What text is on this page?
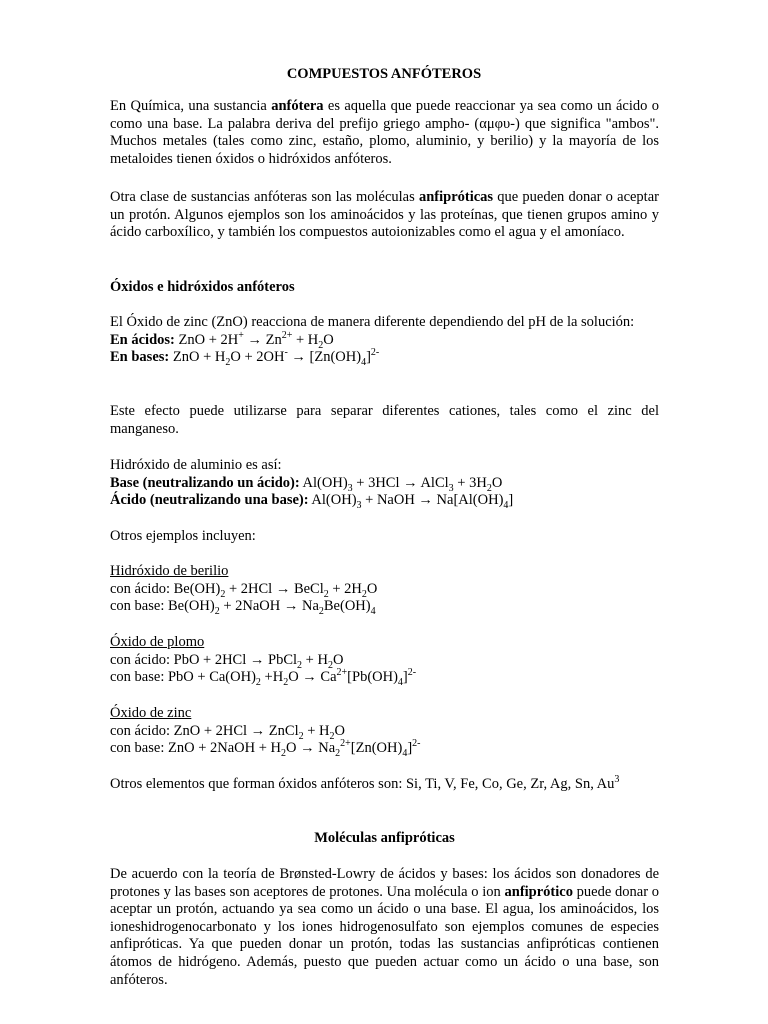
COMPUESTOS ANFÓTEROS

En Química, una sustancia anfótera es aquella que puede reaccionar ya sea como un ácido o como una base. La palabra deriva del prefijo griego ampho- (αμφυ-) que significa "ambos". Muchos metales (tales como zinc, estaño, plomo, aluminio, y berilio) y la mayoría de los metaloides tienen óxidos o hidróxidos anfóteros.

Otra clase de sustancias anfóteras son las moléculas anfipróticas que pueden donar o aceptar un protón. Algunos ejemplos son los aminoácidos y las proteínas, que tienen grupos amino y ácido carboxílico, y también los compuestos autoionizables como el agua y el amoníaco.

Óxidos e hidróxidos anfóteros

El Óxido de zinc (ZnO) reacciona de manera diferente dependiendo del pH de la solución:

En ácidos: ZnO + $2H^+ \to Zn^{2+} + H_2O$

En bases: ZnO + $H_2O + 2OH^- \to [Zn(OH)_4]^{2-}$

Este efecto puede utilizarse para separar diferentes cationes, tales como el zinc del manganeso.

Hidróxido de aluminio es así:

Base (neutralizando un ácido): $Al(OH)_3 + 3HCl$ → AlCl$_3$ + $3H_2O$

Ácido (neutralizando una base): $Al(OH)_3$ + NaOH → $Na[Al(OH)_4]$

Otros ejemplos incluyen:

Hidróxido de berilio

con ácido: $Be(OH)_2 + 2HCl$ → BeCl$_2$ + $2H_2O$

con base: $Be(OH)_2$ + 2NaOH → $Na_2Be(OH)_4$

Óxido de plomo

con ácido: PbO + 2HCl → PbCl$_2$ + $H_2O$

con base: PbO + $Ca(OH)_2 +H_2O \to Ca^{2+}[Pb(OH)_4]^{2-}$

Óxido de zinc

con ácido: ZnO + 2HCl → ZnCl$_2$ + $H_2O$

con base: ZnO + 2NaOH + $H_2O \to Na_2^{2+}[Zn(OH)_4]^{2-}$

Otros elementos que forman óxidos anfóteros son: Si, Ti, V, Fe, Co, Ge, Zr, Ag, Sn, Au$^3$

Moléculas anfipróticas

De acuerdo con la teoría de Brønsted-Lowry de ácidos y bases: los ácidos son donadores de protones y las bases son aceptores de protones. Una molécula o ion anfiprótico puede donar o aceptar un protón, actuando ya sea como un ácido o una base. El agua, los aminoácidos, los ioneshidrogenocarbonato y los iones hidrogenosulfato son ejemplos comunes de especies anfipróticas. Ya que pueden donar un protón, todas las sustancias anfipróticas contienen átomos de hidrógeno. Además, puesto que pueden actuar como un ácido o una base, son anfóteros.
